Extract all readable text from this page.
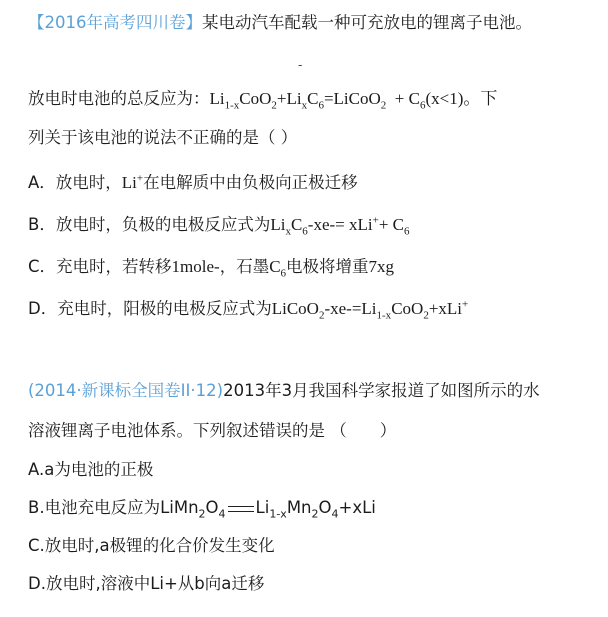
【2016年高考四川卷】某电动汽车配载一种可充放电的锂离子电池。
-
放电时电池的总反应为：$Li_{1-x}CoO_2+Li_xC_6=LiCoO_2 + C_6(x<1)$。下
列关于该电池的说法不正确的是（ ）
A．放电时，Li+在电解质中由负极向正极迁移
B．放电时，负极的电极反应式为$Li_xC_6-xe-= xLi^++ C_6$
C．充电时，若转移1mole-，石墨$C_6$电极将增重7xg
D．充电时，阳极的电极反应式为$LiCoO_2-xe-=Li_{1-x}CoO_2+xLi^+$
(2014·新课标全国卷II·12)2013年3月我国科学家报道了如图所示的水
溶液锂离子电池体系。下列叙述错误的是 （　　）
A.a为电池的正极
B.电池充电反应为$LiMn_2O_4$ $Li_{1-x}Mn_2O_4+xLi$
C.放电时,a极锂的化合价发生变化
D.放电时,溶液中Li+从b向a迁移
